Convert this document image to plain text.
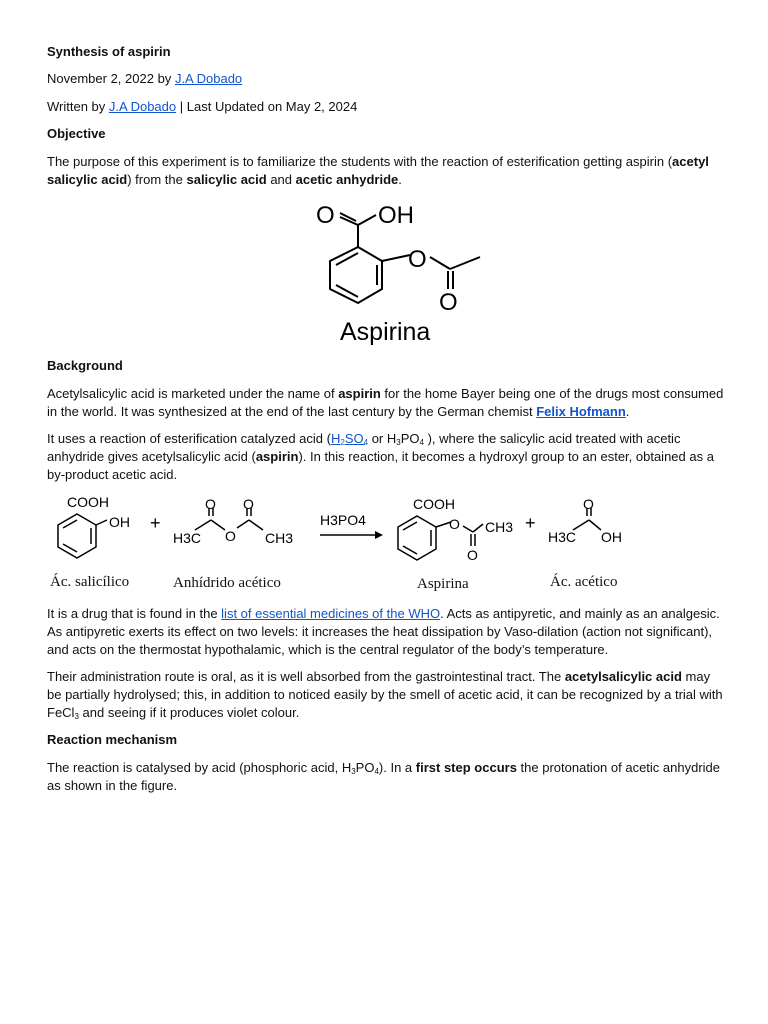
Synthesis of aspirin

November 2, 2022 by J.A Dobado

Written by J.A Dobado | Last Updated on May 2, 2024

Objective

The purpose of this experiment is to familiarize the students with the reaction of esterification getting aspirin (acetyl salicylic acid) from the salicylic acid and acetic anhydride.

Background

Acetylsalicylic acid is marketed under the name of aspirin for the home Bayer being one of the drugs most consumed in the world. It was synthesized at the end of the last century by the German chemist Felix Hofmann.

It uses a reaction of esterification catalyzed acid ($H_2SO_4$ or $H_3PO_4$ ), where the salicylic acid treated with acetic anhydride gives acetylsalicylic acid (aspirin). In this reaction, it becomes a hydroxyl group to an ester, obtained as a by-product acetic acid.

It is a drug that is found in the list of essential medicines of the WHO. Acts as antipyretic, and mainly as an analgesic. As antipyretic exerts its effect on two levels: it increases the heat dissipation by Vaso-dilation (action not significant), and acts on the thermostat hypothalamic, which is the central regulator of the body’s temperature.

Their administration route is oral, as it is well absorbed from the gastrointestinal tract. The acetylsalicylic acid may be partially hydrolysed; this, in addition to noticed easily by the smell of acetic acid, it can be recognized by a trial with FeCl$_3$ and seeing if it produces violet colour.

Reaction mechanism

The reaction is catalysed by acid (phosphoric acid, $H_3PO_4$). In a first step occurs the protonation of acetic anhydride as shown in the figure.

O OH
O
O
Aspirina
COOH
OH +
H3C
O
O
O
CH3
H3PO4
COOH
O CH3
O
+
O
H3C OH
Ác. salicílico	Anhídrido acético	Aspirina	Ác. acético
